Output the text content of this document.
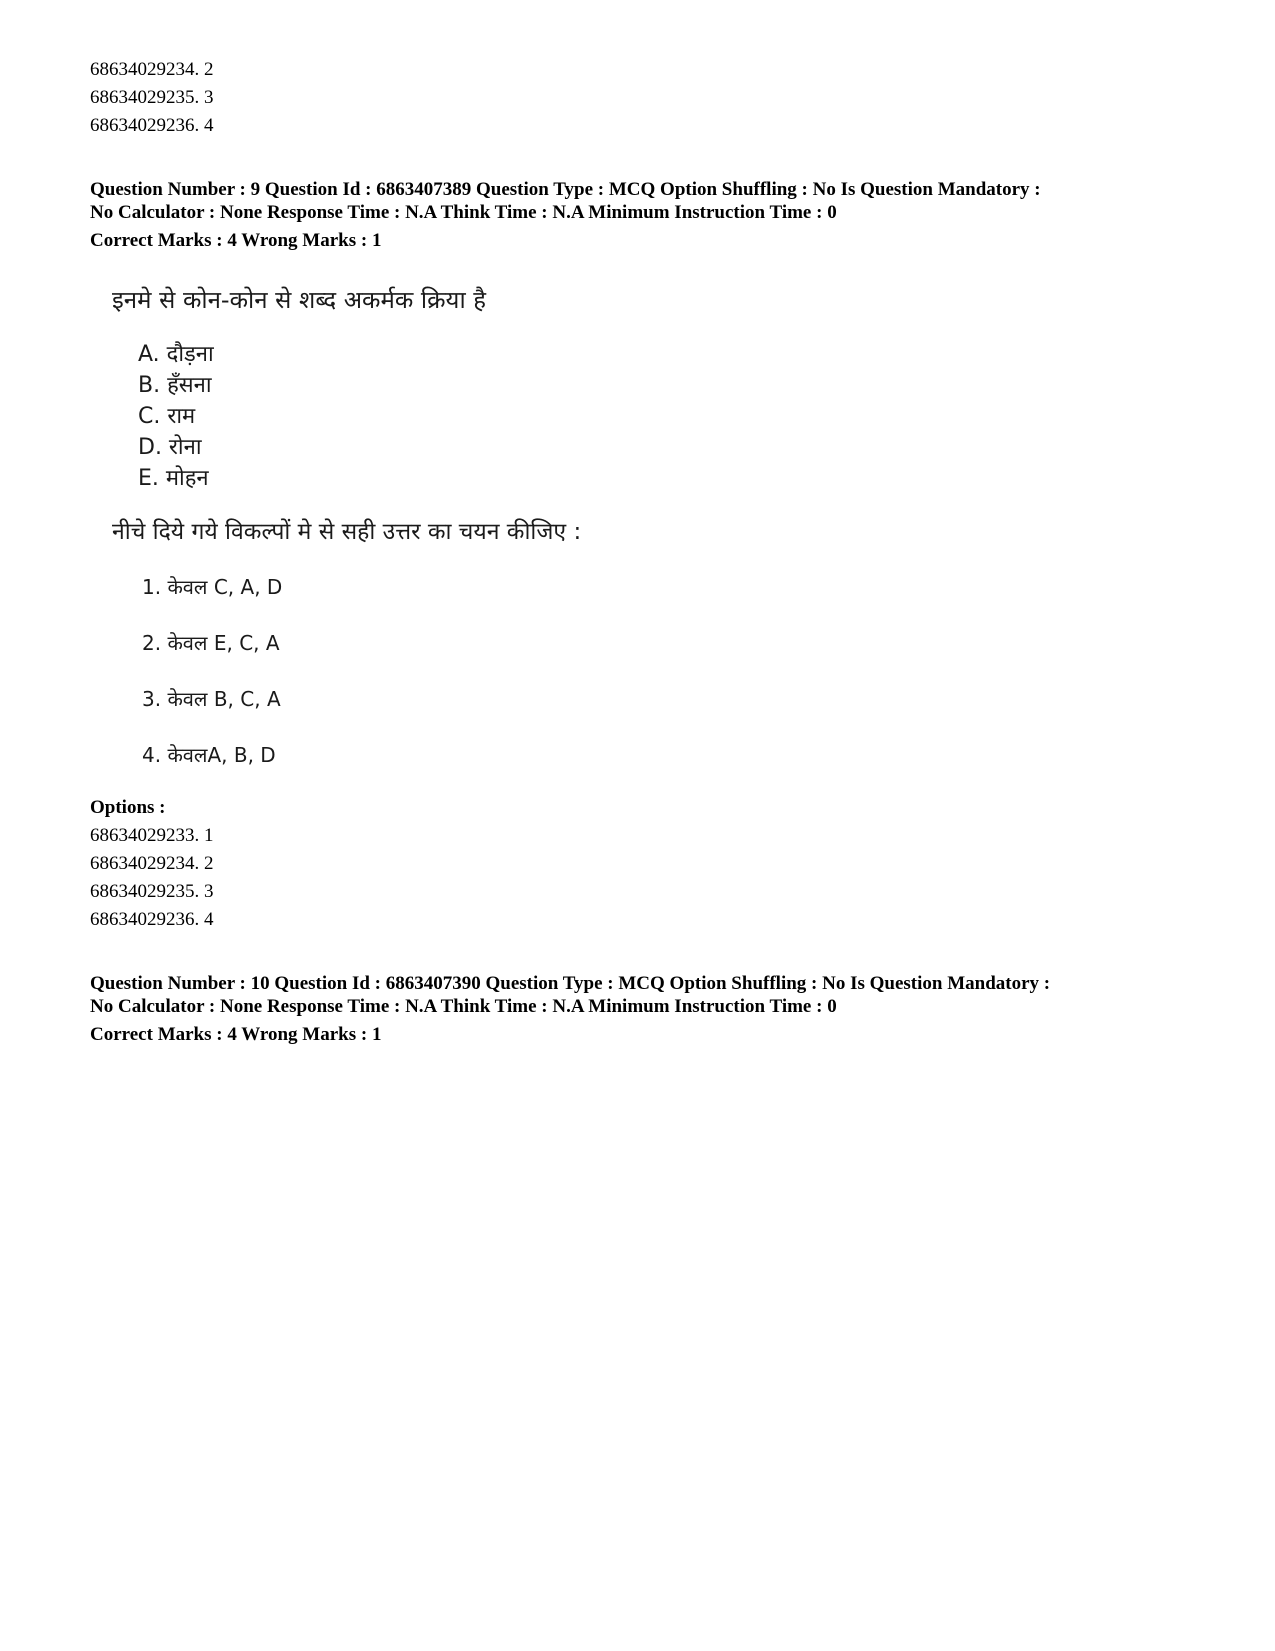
68634029234. 2
68634029235. 3
68634029236. 4
Question Number : 9 Question Id : 6863407389 Question Type : MCQ Option Shuffling : No Is Question Mandatory :
No Calculator : None Response Time : N.A Think Time : N.A Minimum Instruction Time : 0
Correct Marks : 4 Wrong Marks : 1
इनमे से कोन-कोन से शब्द अकर्मक क्रिया है
A. दौड़ना
B. हँसना
C. राम
D. रोना
E. मोहन
नीचे दिये गये विकल्पों मे से सही उत्तर का चयन कीजिए :
1. केवल C, A, D
2. केवल E, C, A
3. केवल B, C, A
4. केवलA, B, D
Options :
68634029233. 1
68634029234. 2
68634029235. 3
68634029236. 4
Question Number : 10 Question Id : 6863407390 Question Type : MCQ Option Shuffling : No Is Question Mandatory :
No Calculator : None Response Time : N.A Think Time : N.A Minimum Instruction Time : 0
Correct Marks : 4 Wrong Marks : 1
